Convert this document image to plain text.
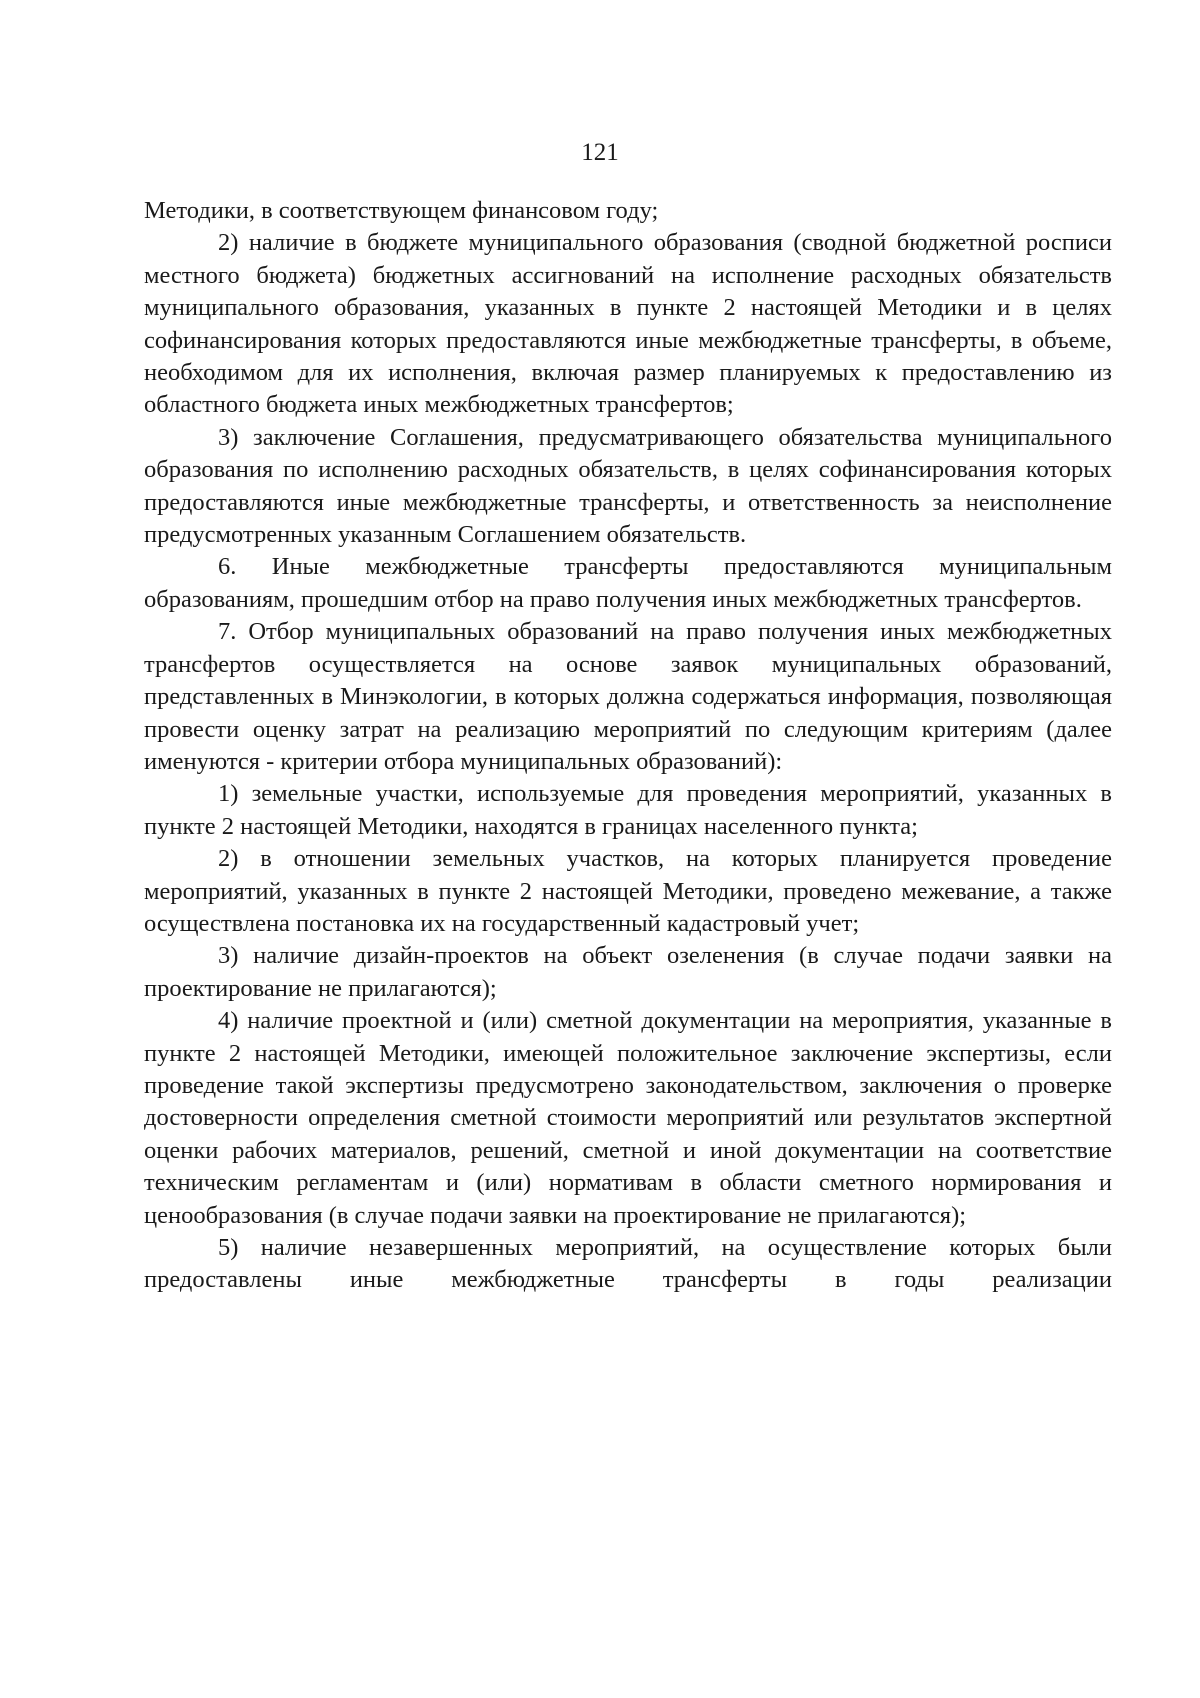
121

Методики, в соответствующем финансовом году;

2) наличие в бюджете муниципального образования (сводной бюджетной росписи местного бюджета) бюджетных ассигнований на исполнение расходных обязательств муниципального образования, указанных в пункте 2 настоящей Методики и в целях софинансирования которых предоставляются иные межбюджетные трансферты, в объеме, необходимом для их исполнения, включая размер планируемых к предоставлению из областного бюджета иных межбюджетных трансфертов;

3) заключение Соглашения, предусматривающего обязательства муниципального образования по исполнению расходных обязательств, в целях софинансирования которых предоставляются иные межбюджетные трансферты, и ответственность за неисполнение предусмотренных указанным Соглашением обязательств.

6. Иные межбюджетные трансферты предоставляются муниципальным образованиям, прошедшим отбор на право получения иных межбюджетных трансфертов.

7. Отбор муниципальных образований на право получения иных межбюджетных трансфертов осуществляется на основе заявок муниципальных образований, представленных в Минэкологии, в которых должна содержаться информация, позволяющая провести оценку затрат на реализацию мероприятий по следующим критериям (далее именуются - критерии отбора муниципальных образований):

1) земельные участки, используемые для проведения мероприятий, указанных в пункте 2 настоящей Методики, находятся в границах населенного пункта;

2) в отношении земельных участков, на которых планируется проведение мероприятий, указанных в пункте 2 настоящей Методики, проведено межевание, а также осуществлена постановка их на государственный кадастровый учет;

3) наличие дизайн-проектов на объект озеленения (в случае подачи заявки на проектирование не прилагаются);

4) наличие проектной и (или) сметной документации на мероприятия, указанные в пункте 2 настоящей Методики, имеющей положительное заключение экспертизы, если проведение такой экспертизы предусмотрено законодательством, заключения о проверке достоверности определения сметной стоимости мероприятий или результатов экспертной оценки рабочих материалов, решений, сметной и иной документации на соответствие техническим регламентам и (или) нормативам в области сметного нормирования и ценообразования (в случае подачи заявки на проектирование не прилагаются);

5) наличие незавершенных мероприятий, на осуществление которых были предоставлены иные межбюджетные трансферты в годы реализации
